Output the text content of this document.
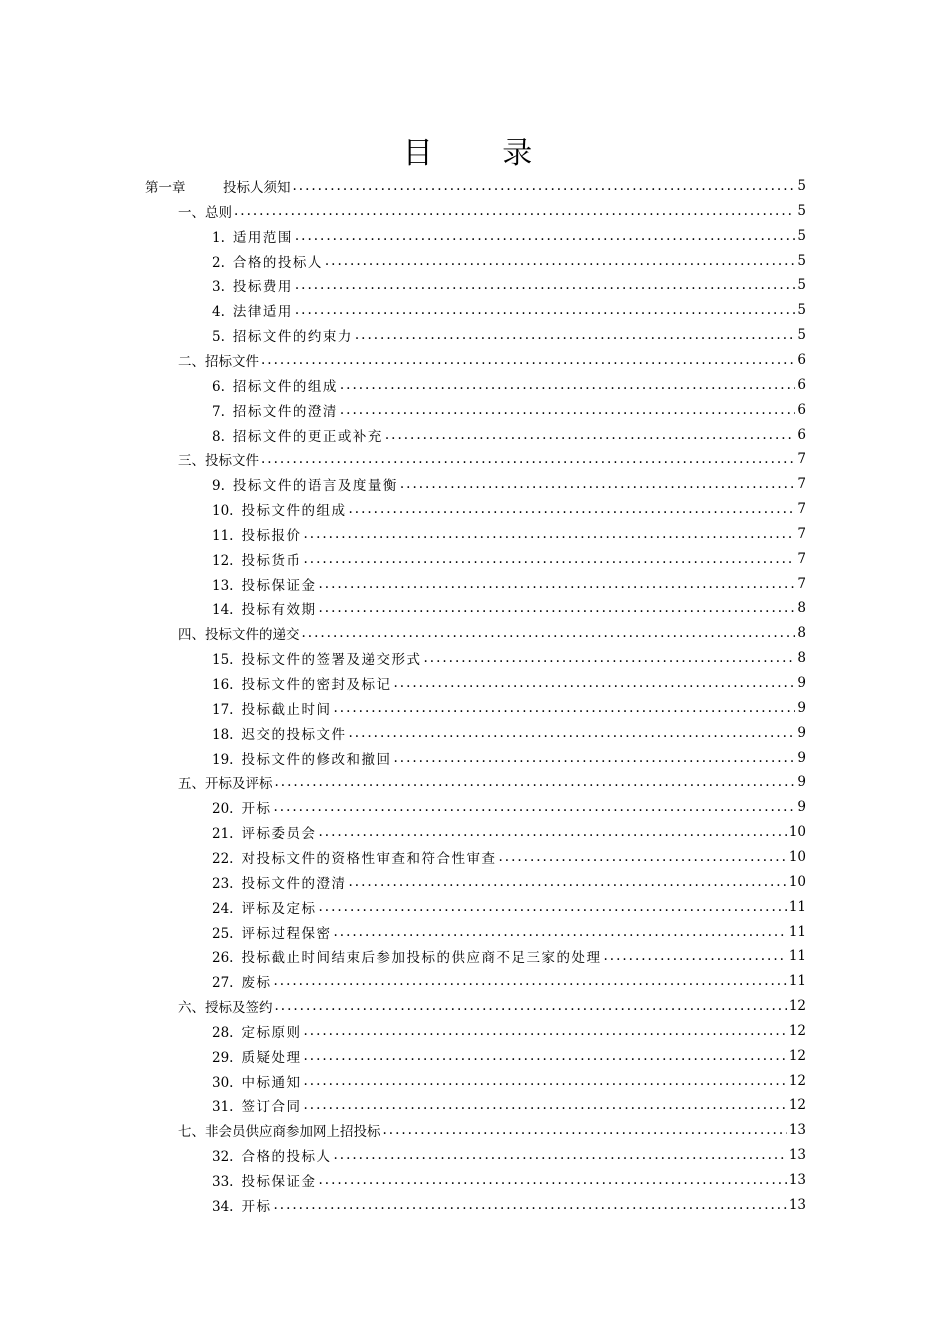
目 录
第一章	投标人须知 .....	5
一、总则 .....	5
1. 适用范围 .....	5
2. 合格的投标人 .....	5
3. 投标费用 .....	5
4. 法律适用 .....	5
5. 招标文件的约束力 .....	5
二、招标文件 .....	6
6. 招标文件的组成 .....	6
7. 招标文件的澄清 .....	6
8. 招标文件的更正或补充 .....	6
三、投标文件 .....	7
9. 投标文件的语言及度量衡 .....	7
10. 投标文件的组成 .....	7
11. 投标报价 .....	7
12. 投标货币 .....	7
13. 投标保证金 .....	7
14. 投标有效期 .....	8
四、投标文件的递交 .....	8
15. 投标文件的签署及递交形式 .....	8
16. 投标文件的密封及标记 .....	9
17. 投标截止时间 .....	9
18. 迟交的投标文件 .....	9
19. 投标文件的修改和撤回 .....	9
五、开标及评标 .....	9
20. 开标 .....	9
21. 评标委员会 .....	10
22. 对投标文件的资格性审查和符合性审查 .....	10
23. 投标文件的澄清 .....	10
24. 评标及定标 .....	11
25. 评标过程保密 .....	11
26. 投标截止时间结束后参加投标的供应商不足三家的处理 .....	11
27. 废标 .....	11
六、授标及签约 .....	12
28. 定标原则 .....	12
29. 质疑处理 .....	12
30. 中标通知 .....	12
31. 签订合同 .....	12
七、非会员供应商参加网上招投标 .....	13
32. 合格的投标人 .....	13
33. 投标保证金 .....	13
34. 开标 .....	13
